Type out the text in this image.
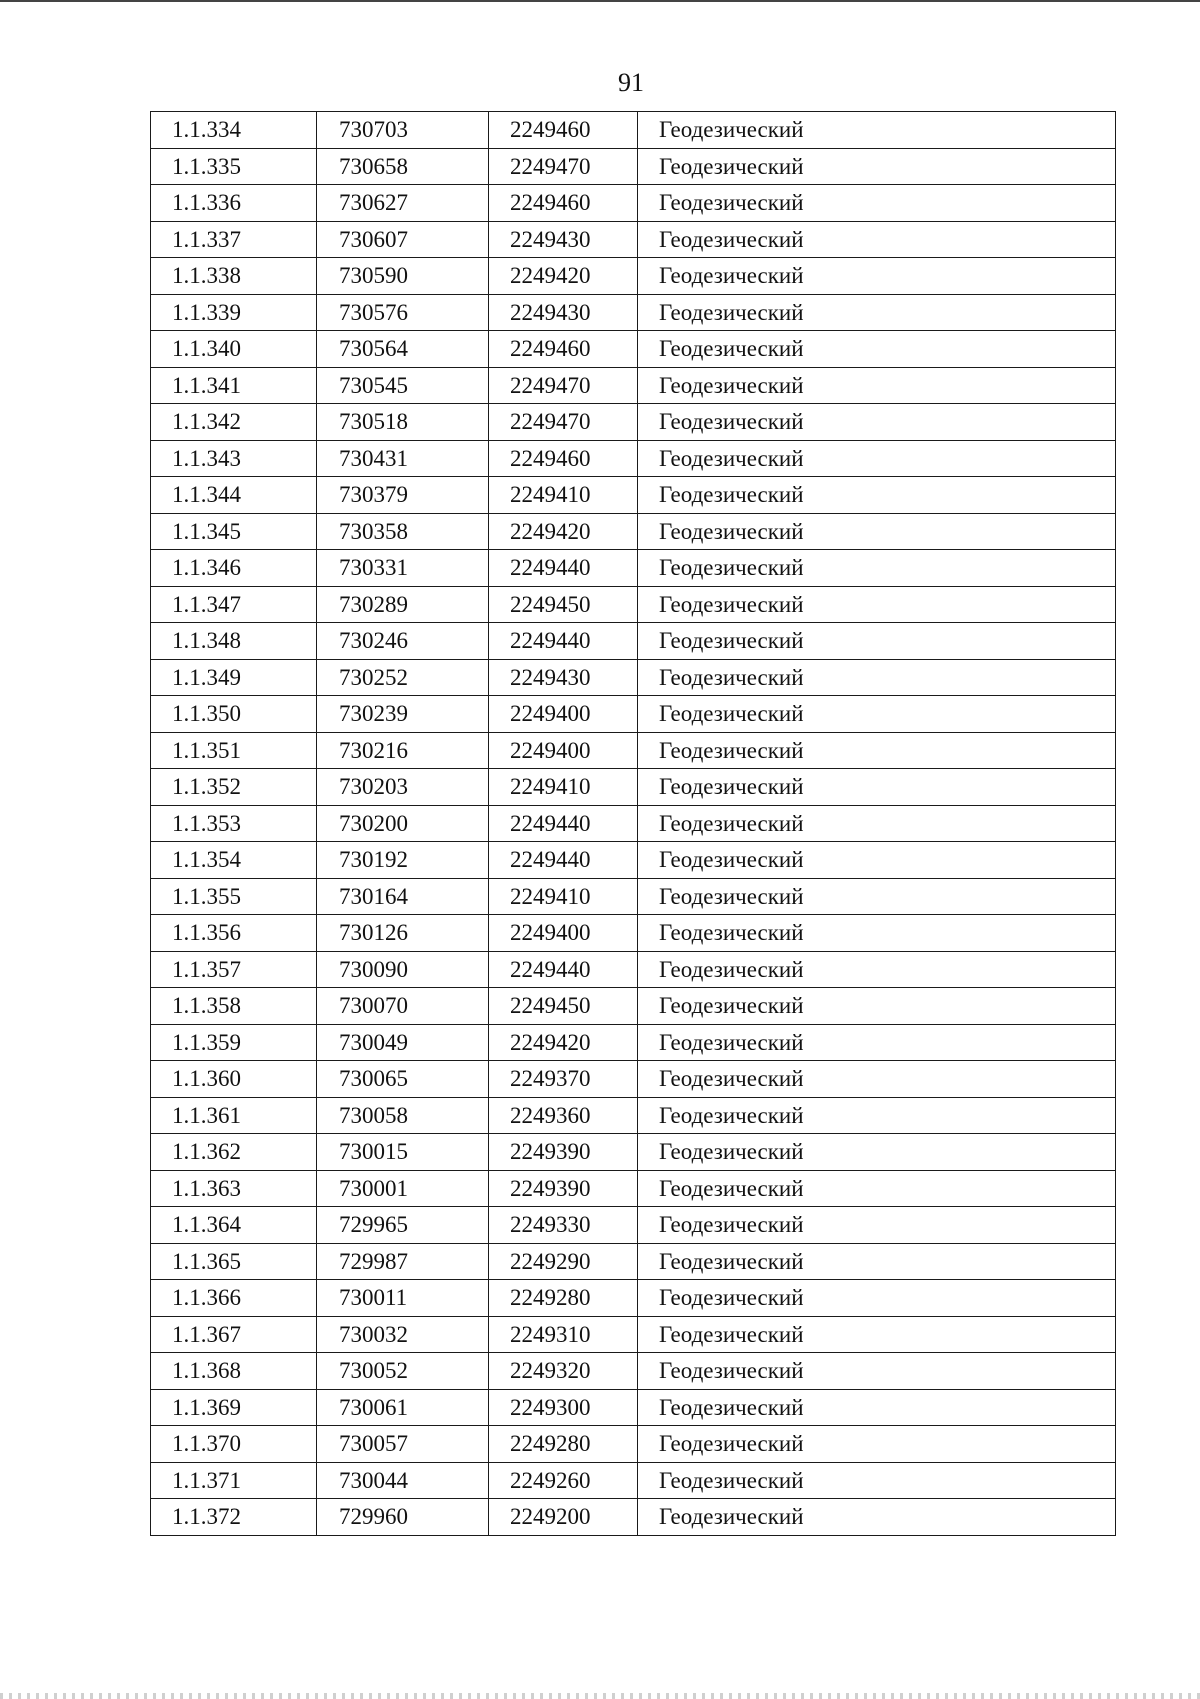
91
1.1.334	730703	2249460	Геодезический
1.1.335	730658	2249470	Геодезический
1.1.336	730627	2249460	Геодезический
1.1.337	730607	2249430	Геодезический
1.1.338	730590	2249420	Геодезический
1.1.339	730576	2249430	Геодезический
1.1.340	730564	2249460	Геодезический
1.1.341	730545	2249470	Геодезический
1.1.342	730518	2249470	Геодезический
1.1.343	730431	2249460	Геодезический
1.1.344	730379	2249410	Геодезический
1.1.345	730358	2249420	Геодезический
1.1.346	730331	2249440	Геодезический
1.1.347	730289	2249450	Геодезический
1.1.348	730246	2249440	Геодезический
1.1.349	730252	2249430	Геодезический
1.1.350	730239	2249400	Геодезический
1.1.351	730216	2249400	Геодезический
1.1.352	730203	2249410	Геодезический
1.1.353	730200	2249440	Геодезический
1.1.354	730192	2249440	Геодезический
1.1.355	730164	2249410	Геодезический
1.1.356	730126	2249400	Геодезический
1.1.357	730090	2249440	Геодезический
1.1.358	730070	2249450	Геодезический
1.1.359	730049	2249420	Геодезический
1.1.360	730065	2249370	Геодезический
1.1.361	730058	2249360	Геодезический
1.1.362	730015	2249390	Геодезический
1.1.363	730001	2249390	Геодезический
1.1.364	729965	2249330	Геодезический
1.1.365	729987	2249290	Геодезический
1.1.366	730011	2249280	Геодезический
1.1.367	730032	2249310	Геодезический
1.1.368	730052	2249320	Геодезический
1.1.369	730061	2249300	Геодезический
1.1.370	730057	2249280	Геодезический
1.1.371	730044	2249260	Геодезический
1.1.372	729960	2249200	Геодезический
